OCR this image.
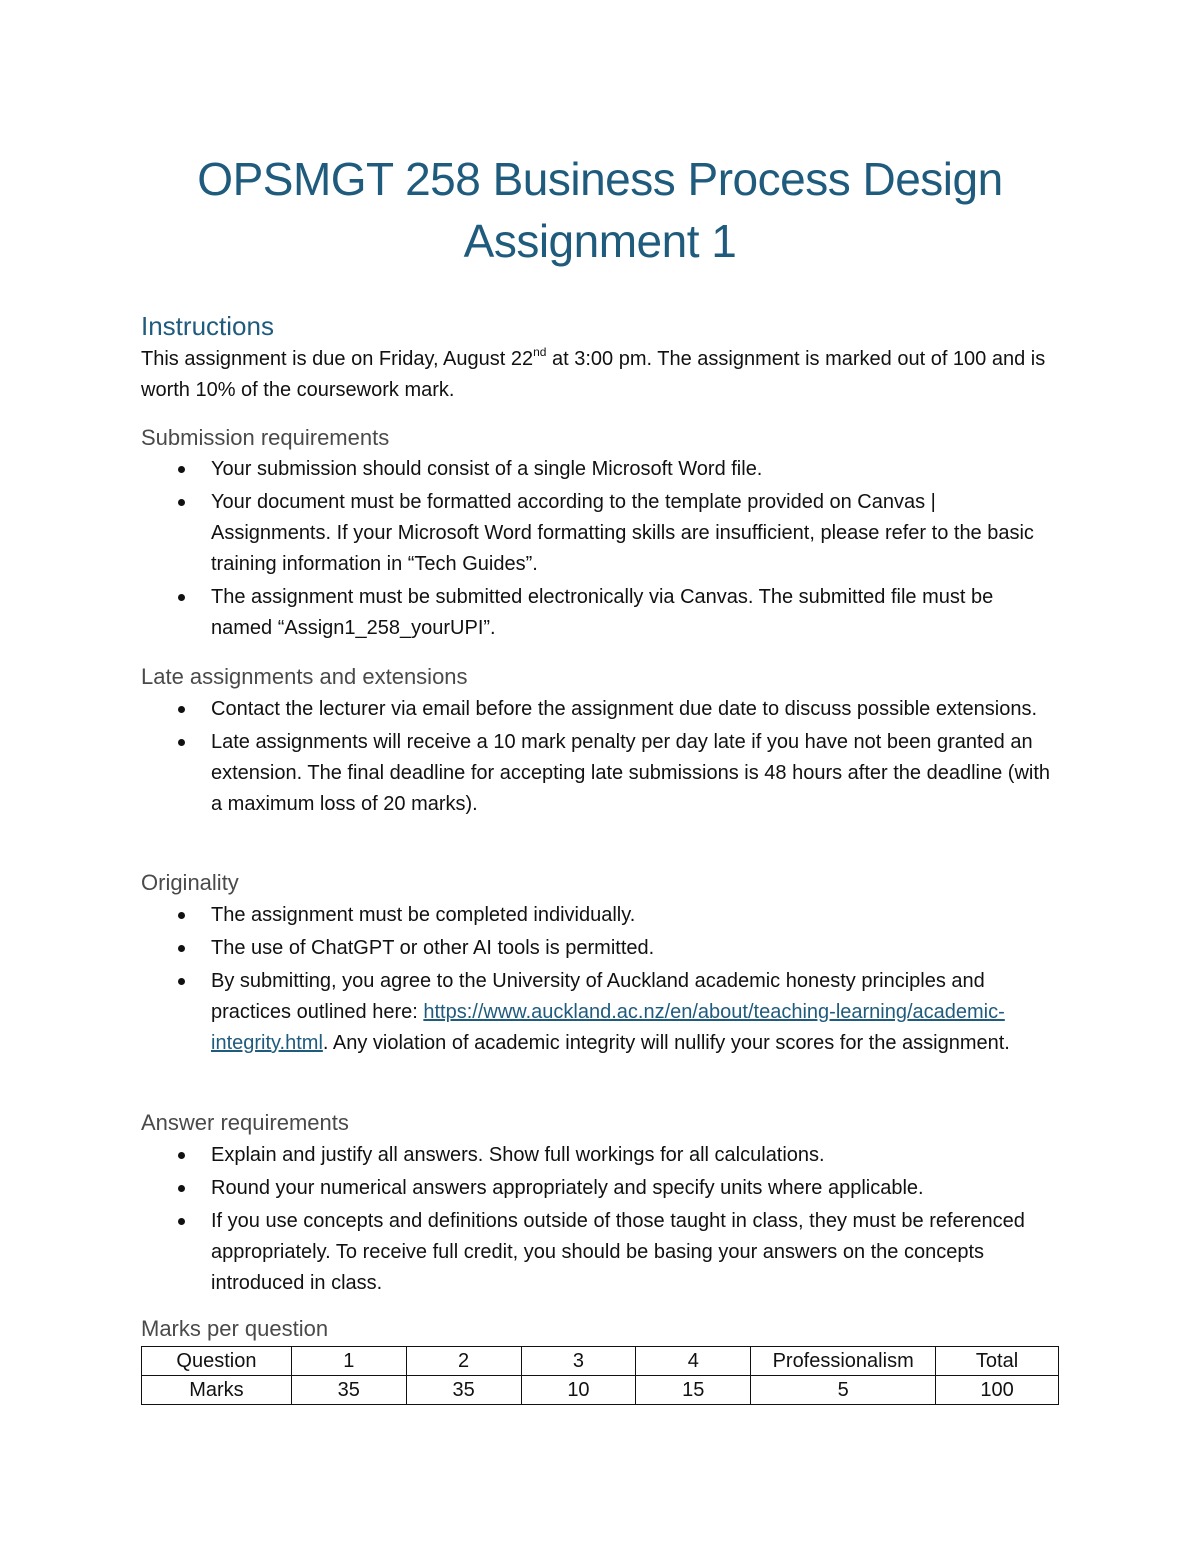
OPSMGT 258 Business Process Design
Assignment 1
Instructions

This assignment is due on Friday, August 22nd at 3:00 pm. The assignment is marked out of 100 and is worth 10% of the coursework mark.

Submission requirements
Your submission should consist of a single Microsoft Word file.
Your document must be formatted according to the template provided on Canvas | Assignments. If your Microsoft Word formatting skills are insufficient, please refer to the basic training information in “Tech Guides”.
The assignment must be submitted electronically via Canvas. The submitted file must be named “Assign1_258_yourUPI”.
Late assignments and extensions
Contact the lecturer via email before the assignment due date to discuss possible extensions.
Late assignments will receive a 10 mark penalty per day late if you have not been granted an extension. The final deadline for accepting late submissions is 48 hours after the deadline (with a maximum loss of 20 marks).
Originality
The assignment must be completed individually.
The use of ChatGPT or other AI tools is permitted.
By submitting, you agree to the University of Auckland academic honesty principles and practices outlined here: https://www.auckland.ac.nz/en/about/teaching-learning/academic-integrity.html. Any violation of academic integrity will nullify your scores for the assignment.
Answer requirements
Explain and justify all answers. Show full workings for all calculations.
Round your numerical answers appropriately and specify units where applicable.
If you use concepts and definitions outside of those taught in class, they must be referenced appropriately. To receive full credit, you should be basing your answers on the concepts introduced in class.
Marks per question
Question	1	2	3	4	Professionalism	Total
Marks	35	35	10	15	5	100
